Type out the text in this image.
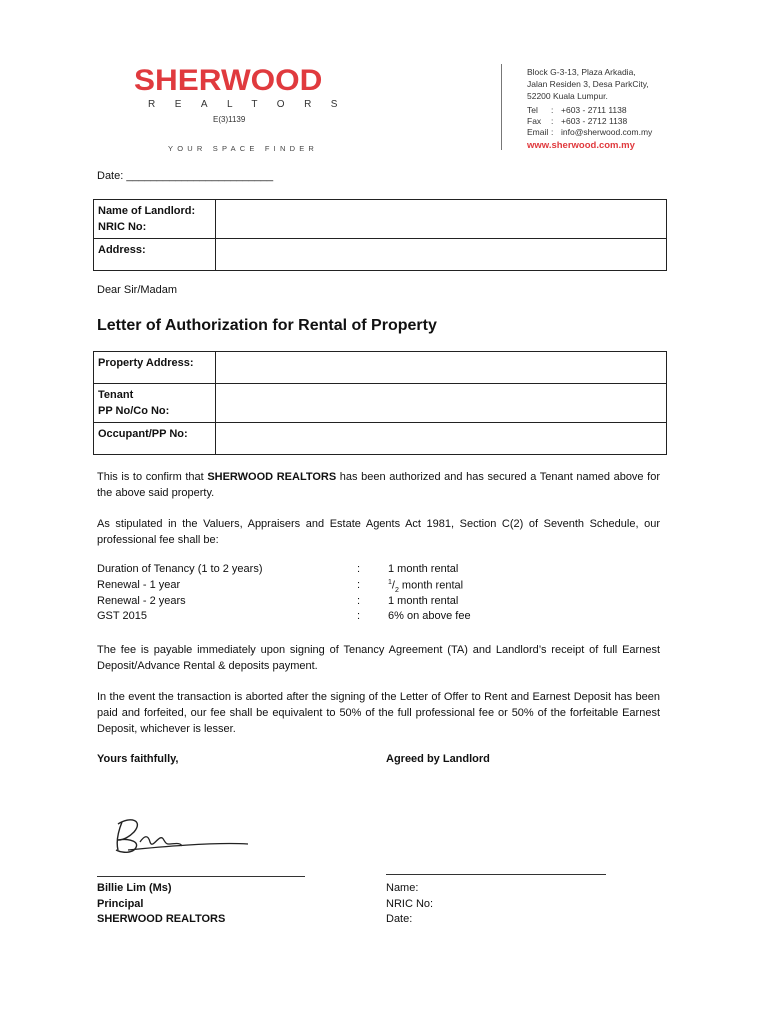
SHERWOOD
REALTORS
E(3)1139
YOUR SPACE FINDER
Block G-3-13, Plaza Arkadia,
Jalan Residen 3, Desa ParkCity,
52200 Kuala Lumpur.
Tel : +603 - 2711 1138
Fax : +603 - 2712 1138
Email : info@sherwood.com.my
www.sherwood.com.my
Date: ________________________
Name of Landlord:
NRIC No:	

Address:	
Dear Sir/Madam
Letter of Authorization for Rental of Property
Property Address:	

Tenant
PP No/Co No:	

Occupant/PP No:	
This is to confirm that SHERWOOD REALTORS has been authorized and has secured a Tenant named above for the above said property.
As stipulated in the Valuers, Appraisers and Estate Agents Act 1981, Section C(2) of Seventh Schedule, our professional fee shall be:
Duration of Tenancy (1 to 2 years)	:	1 month rental
Renewal - 1 year	:	$^1/_2$ month rental
Renewal - 2 years	:	1 month rental
GST 2015	:	6% on above fee
The fee is payable immediately upon signing of Tenancy Agreement (TA) and Landlord’s receipt of full Earnest Deposit/Advance Rental & deposits payment.
In the event the transaction is aborted after the signing of the Letter of Offer to Rent and Earnest Deposit has been paid and forfeited, our fee shall be equivalent to 50% of the full professional fee or 50% of the forfeitable Earnest Deposit, whichever is lesser.
Yours faithfully,	Agreed by Landlord
Billie Lim (Ms)
Principal
SHERWOOD REALTORS
Name:
NRIC No:
Date:
